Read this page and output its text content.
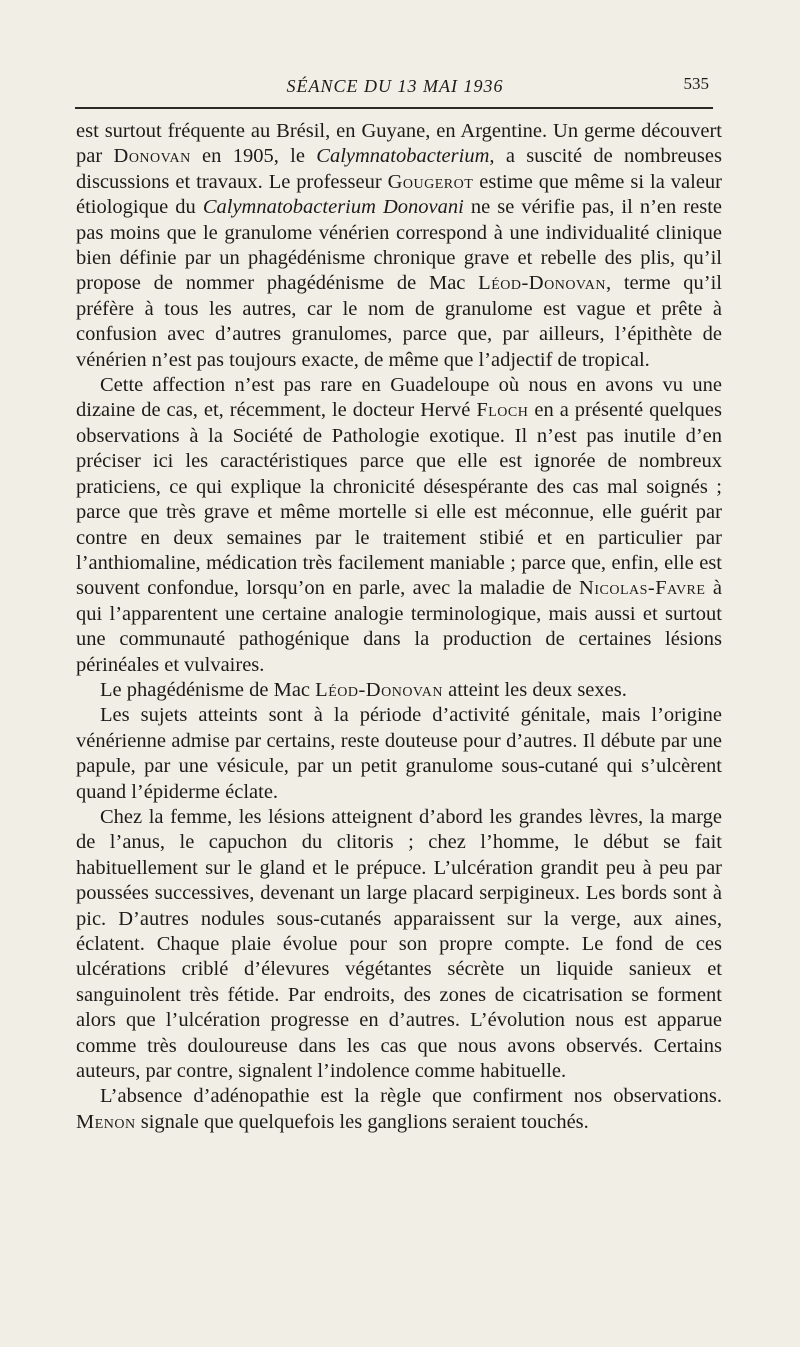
SÉANCE DU 13 MAI 1936	535

est surtout fréquente au Brésil, en Guyane, en Argentine. Un germe découvert par Donovan en 1905, le Calymnatobacterium, a suscité de nombreuses discussions et travaux. Le professeur Gougerot estime que même si la valeur étiologique du Calymnatobacterium Donovani ne se vérifie pas, il n’en reste pas moins que le granulome vénérien correspond à une individualité clinique bien définie par un phagédénisme chronique grave et rebelle des plis, qu’il propose de nommer phagédénisme de Mac Léod-Donovan, terme qu’il préfère à tous les autres, car le nom de granulome est vague et prête à confusion avec d’autres granulomes, parce que, par ailleurs, l’épithète de vénérien n’est pas toujours exacte, de même que l’adjectif de tropical.

Cette affection n’est pas rare en Guadeloupe où nous en avons vu une dizaine de cas, et, récemment, le docteur Hervé Floch en a présenté quelques observations à la Société de Pathologie exotique. Il n’est pas inutile d’en préciser ici les caractéristiques parce que elle est ignorée de nombreux praticiens, ce qui explique la chronicité désespérante des cas mal soignés ; parce que très grave et même mortelle si elle est méconnue, elle guérit par contre en deux semaines par le traitement stibié et en particulier par l’anthiomaline, médication très facilement maniable ; parce que, enfin, elle est souvent confondue, lorsqu’on en parle, avec la maladie de Nicolas-Favre à qui l’apparentent une certaine analogie terminologique, mais aussi et surtout une communauté pathogénique dans la production de certaines lésions périnéales et vulvaires.

Le phagédénisme de Mac Léod-Donovan atteint les deux sexes.

Les sujets atteints sont à la période d’activité génitale, mais l’origine vénérienne admise par certains, reste douteuse pour d’autres. Il débute par une papule, par une vésicule, par un petit granulome sous-cutané qui s’ulcèrent quand l’épiderme éclate.

Chez la femme, les lésions atteignent d’abord les grandes lèvres, la marge de l’anus, le capuchon du clitoris ; chez l’homme, le début se fait habituellement sur le gland et le prépuce. L’ulcération grandit peu à peu par poussées successives, devenant un large placard serpigineux. Les bords sont à pic. D’autres nodules sous-cutanés apparaissent sur la verge, aux aines, éclatent. Chaque plaie évolue pour son propre compte. Le fond de ces ulcérations criblé d’élevures végétantes sécrète un liquide sanieux et sanguinolent très fétide. Par endroits, des zones de cicatrisation se forment alors que l’ulcération progresse en d’autres. L’évolution nous est apparue comme très douloureuse dans les cas que nous avons observés. Certains auteurs, par contre, signalent l’indolence comme habituelle.

L’absence d’adénopathie est la règle que confirment nos observations. Menon signale que quelquefois les ganglions seraient touchés.
